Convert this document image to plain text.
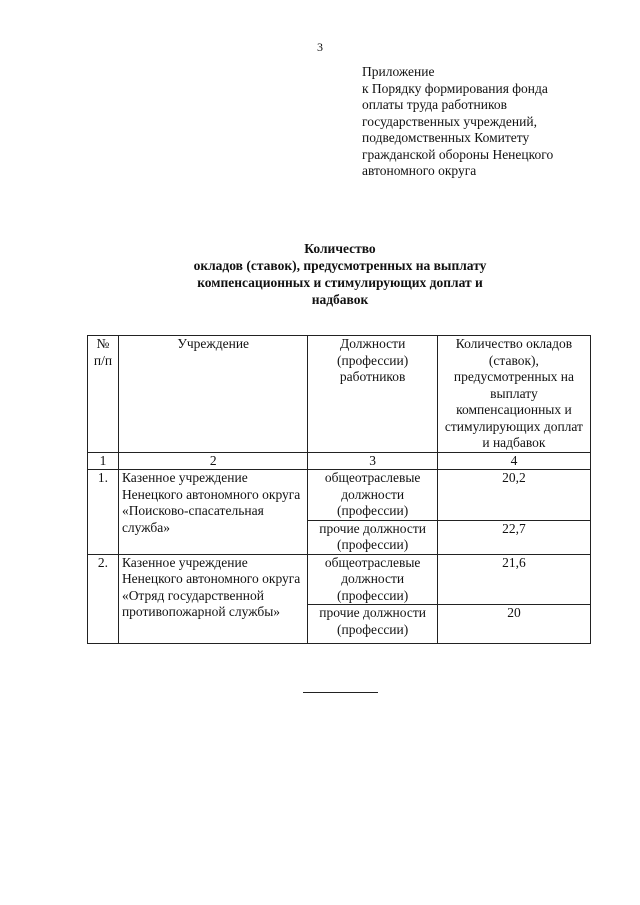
3
Приложение
к Порядку формирования фонда
оплаты труда работников
государственных учреждений,
подведомственных Комитету
гражданской обороны Ненецкого
автономного округа
Количество
окладов (ставок), предусмотренных на выплату
компенсационных и стимулирующих доплат и
надбавок
№ п/п	Учреждение	Должности (профессии) работников	Количество окладов (ставок), предусмотренных на выплату компенсационных и стимулирующих доплат и надбавок
1	2	3	4
1.	Казенное учреждение Ненецкого автономного округа «Поисково-спасательная служба»	общеотраслевые должности (профессии)	20,2
		прочие должности (профессии)	22,7
2.	Казенное учреждение Ненецкого автономного округа «Отряд государственной противопожарной службы»	общеотраслевые должности (профессии)	21,6
		прочие должности (профессии)	20
